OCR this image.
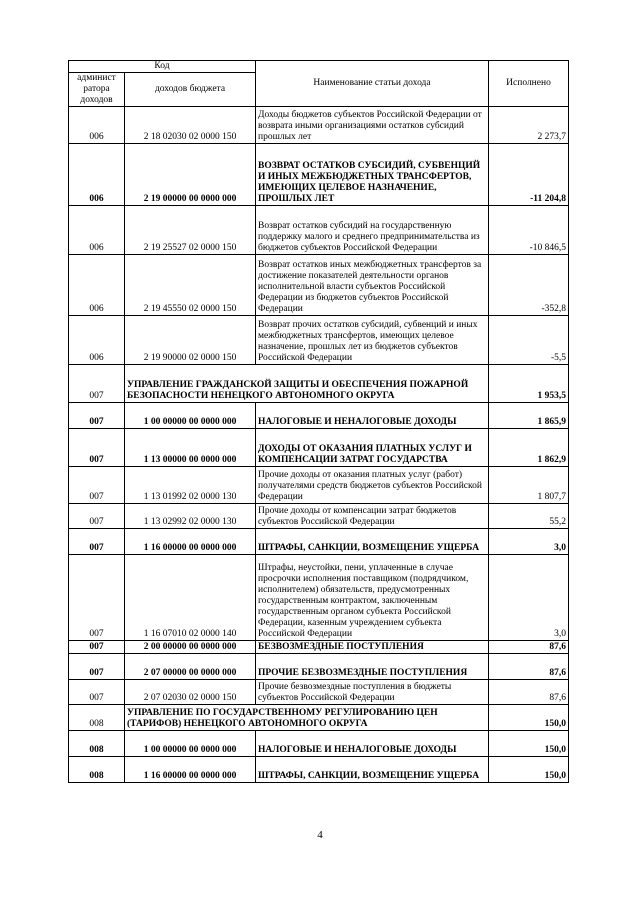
Код		Наименование статьи дохода	Исполнено
админист ратора доходов	доходов бюджета		
006	2 18 02030 02 0000 150	Доходы бюджетов субъектов Российской Федерации от возврата иными организациями остатков субсидий прошлых лет	2 273,7
006	2 19 00000 00 0000 000	ВОЗВРАТ ОСТАТКОВ СУБСИДИЙ, СУБВЕНЦИЙ И ИНЫХ МЕЖБЮДЖЕТНЫХ ТРАНСФЕРТОВ, ИМЕЮЩИХ ЦЕЛЕВОЕ НАЗНАЧЕНИЕ, ПРОШЛЫХ ЛЕТ	-11 204,8
006	2 19 25527 02 0000 150	Возврат остатков субсидий на государственную поддержку малого и среднего предпринимательства из бюджетов субъектов Российской Федерации	-10 846,5
006	2 19 45550 02 0000 150	Возврат остатков иных межбюджетных трансфертов за достижение показателей деятельности органов исполнительной власти субъектов Российской Федерации из бюджетов субъектов Российской Федерации	-352,8
006	2 19 90000 02 0000 150	Возврат прочих остатков субсидий, субвенций и иных межбюджетных трансфертов, имеющих целевое назначение, прошлых лет из бюджетов субъектов Российской Федерации	-5,5
007	УПРАВЛЕНИЕ ГРАЖДАНСКОЙ ЗАЩИТЫ И ОБЕСПЕЧЕНИЯ ПОЖАРНОЙ БЕЗОПАСНОСТИ НЕНЕЦКОГО АВТОНОМНОГО ОКРУГА		1 953,5
007	1 00 00000 00 0000 000	НАЛОГОВЫЕ И НЕНАЛОГОВЫЕ ДОХОДЫ	1 865,9
007	1 13 00000 00 0000 000	ДОХОДЫ ОТ ОКАЗАНИЯ ПЛАТНЫХ УСЛУГ И КОМПЕНСАЦИИ ЗАТРАТ ГОСУДАРСТВА	1 862,9
007	1 13 01992 02 0000 130	Прочие доходы от оказания платных услуг (работ) получателями средств бюджетов субъектов Российской Федерации	1 807,7
007	1 13 02992 02 0000 130	Прочие доходы от компенсации затрат бюджетов субъектов Российской Федерации	55,2
007	1 16 00000 00 0000 000	ШТРАФЫ, САНКЦИИ, ВОЗМЕЩЕНИЕ УЩЕРБА	3,0
007	1 16 07010 02 0000 140	Штрафы, неустойки, пени, уплаченные в случае просрочки исполнения поставщиком (подрядчиком, исполнителем) обязательств, предусмотренных государственным контрактом, заключенным государственным органом субъекта Российской Федерации, казенным учреждением субъекта Российской Федерации	3,0
007	2 00 00000 00 0000 000	БЕЗВОЗМЕЗДНЫЕ ПОСТУПЛЕНИЯ	87,6
007	2 07 00000 00 0000 000	ПРОЧИЕ БЕЗВОЗМЕЗДНЫЕ ПОСТУПЛЕНИЯ	87,6
007	2 07 02030 02 0000 150	Прочие безвозмездные поступления в бюджеты субъектов Российской Федерации	87,6
008	УПРАВЛЕНИЕ ПО ГОСУДАРСТВЕННОМУ РЕГУЛИРОВАНИЮ ЦЕН (ТАРИФОВ) НЕНЕЦКОГО АВТОНОМНОГО ОКРУГА		150,0
008	1 00 00000 00 0000 000	НАЛОГОВЫЕ И НЕНАЛОГОВЫЕ ДОХОДЫ	150,0
008	1 16 00000 00 0000 000	ШТРАФЫ, САНКЦИИ, ВОЗМЕЩЕНИЕ УЩЕРБА	150,0
4
